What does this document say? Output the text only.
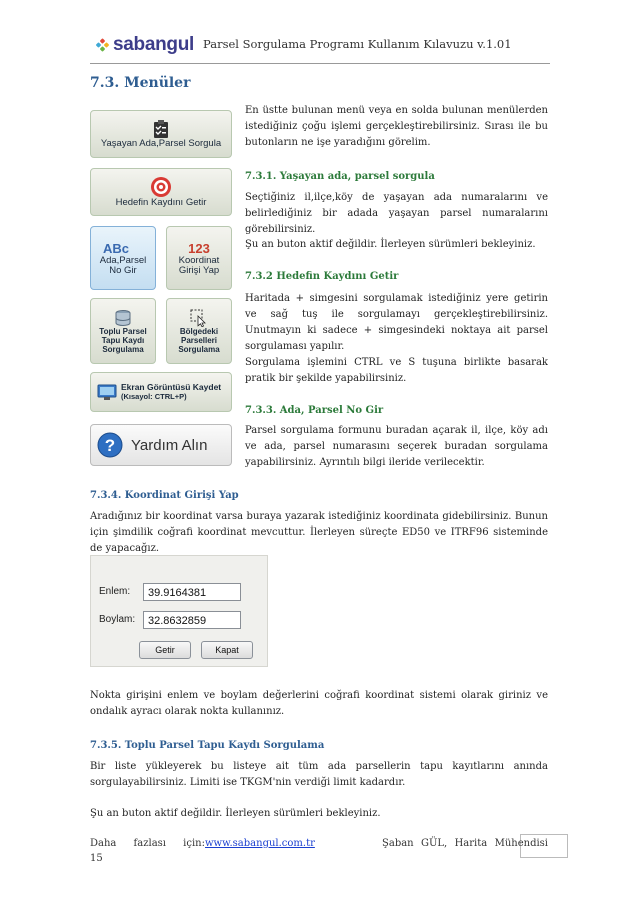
sabangul Parsel Sorgulama Programı Kullanım Kılavuzu v.1.01
7.3. Menüler
Yaşayan Ada,Parsel Sorgula
Hedefin Kaydını Getir
ABc
Ada,Parsel No Gir
123
Koordinat Girişi Yap
Toplu Parsel Tapu Kaydı Sorgulama
Bölgedeki Parselleri Sorgulama
Ekran Görüntüsü Kaydet
(Kısayol: CTRL+P)
? Yardım Alın
En üstte bulunan menü veya en solda bulunan menülerden istediğiniz çoğu işlemi gerçekleştirebilirsiniz. Sırası ile bu butonların ne işe yaradığını görelim.
7.3.1. Yaşayan ada, parsel sorgula
Seçtiğiniz il,ilçe,köy de yaşayan ada numaralarını ve belirlediğiniz bir adada yaşayan parsel numaralarını görebilirsiniz.
Şu an buton aktif değildir. İlerleyen sürümleri bekleyiniz.
7.3.2 Hedefin Kaydını Getir
Haritada + simgesini sorgulamak istediğiniz yere getirin ve sağ tuş ile sorgulamayı gerçekleştirebilirsiniz. Unutmayın ki sadece + simgesindeki noktaya ait parsel sorgulaması yapılır.
Sorgulama işlemini CTRL ve S tuşuna birlikte basarak pratik bir şekilde yapabilirsiniz.
7.3.3. Ada, Parsel No Gir
Parsel sorgulama formunu buradan açarak il, ilçe, köy adı ve ada, parsel numarasını seçerek buradan sorgulama yapabilirsiniz. Ayrıntılı bilgi ileride verilecektir.
7.3.4. Koordinat Girişi Yap
Aradığınız bir koordinat varsa buraya yazarak istediğiniz koordinata gidebilirsiniz. Bunun için şimdilik coğrafi koordinat mevcuttur. İlerleyen süreçte ED50 ve ITRF96 sisteminde de yapacağız.
Enlem:	39.9164381
Boylam:	32.8632859
Getir	Kapat
Nokta girişini enlem ve boylam değerlerini coğrafi koordinat sistemi olarak giriniz ve ondalık ayracı olarak nokta kullanınız.
7.3.5. Toplu Parsel Tapu Kaydı Sorgulama
Bir liste yükleyerek bu listeye ait tüm ada parsellerin tapu kayıtlarını anında sorgulayabilirsiniz. Limiti ise TKGM'nin verdiği limit kadardır.
Şu an buton aktif değildir. İlerleyen sürümleri bekleyiniz.
Daha fazlası için: www.sabangul.com.tr	Şaban GÜL, Harita Mühendisi
15
